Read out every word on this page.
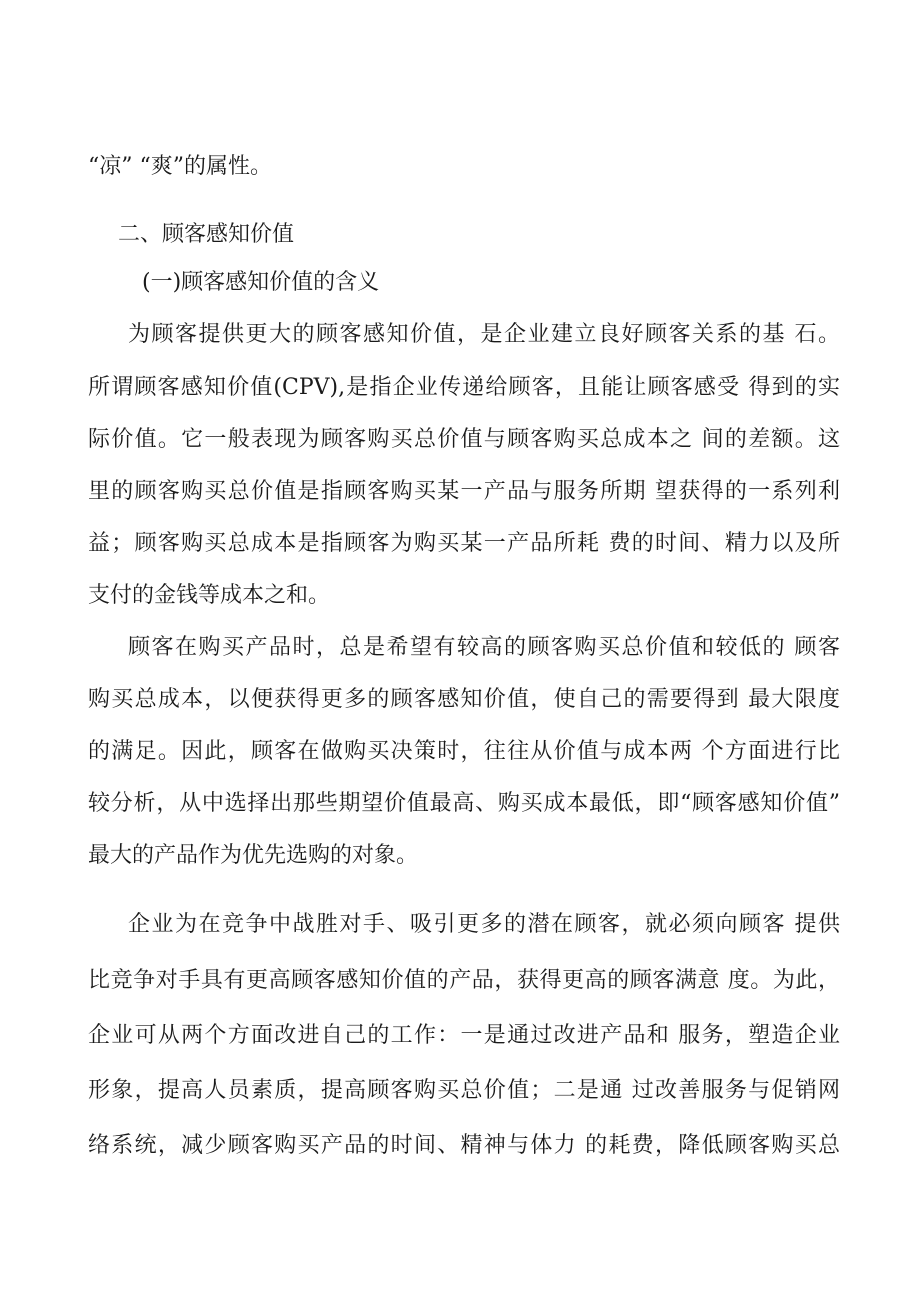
“凉” “爽”的属性。
二、顾客感知价值
(一)顾客感知价值的含义
为顾客提供更大的顾客感知价值，是企业建立良好顾客关系的基 石。
所谓顾客感知价值(CPV),是指企业传递给顾客，且能让顾客感受 得到的实
际价值。它一般表现为顾客购买总价值与顾客购买总成本之 间的差额。这
里的顾客购买总价值是指顾客购买某一产品与服务所期 望获得的一系列利
益；顾客购买总成本是指顾客为购买某一产品所耗 费的时间、精力以及所
支付的金钱等成本之和。
顾客在购买产品时，总是希望有较高的顾客购买总价值和较低的 顾客
购买总成本，以便获得更多的顾客感知价值，使自己的需要得到 最大限度
的满足。因此，顾客在做购买决策时，往往从价值与成本两 个方面进行比
较分析，从中选择出那些期望价值最高、购买成本最低，即“顾客感知价值”
最大的产品作为优先选购的对象。
企业为在竞争中战胜对手、吸引更多的潜在顾客，就必须向顾客 提供
比竞争对手具有更高顾客感知价值的产品，获得更高的顾客满意 度。为此，
企业可从两个方面改进自己的工作：一是通过改进产品和 服务，塑造企业
形象，提高人员素质，提高顾客购买总价值；二是通 过改善服务与促销网
络系统，减少顾客购买产品的时间、精神与体力 的耗费，降低顾客购买总
